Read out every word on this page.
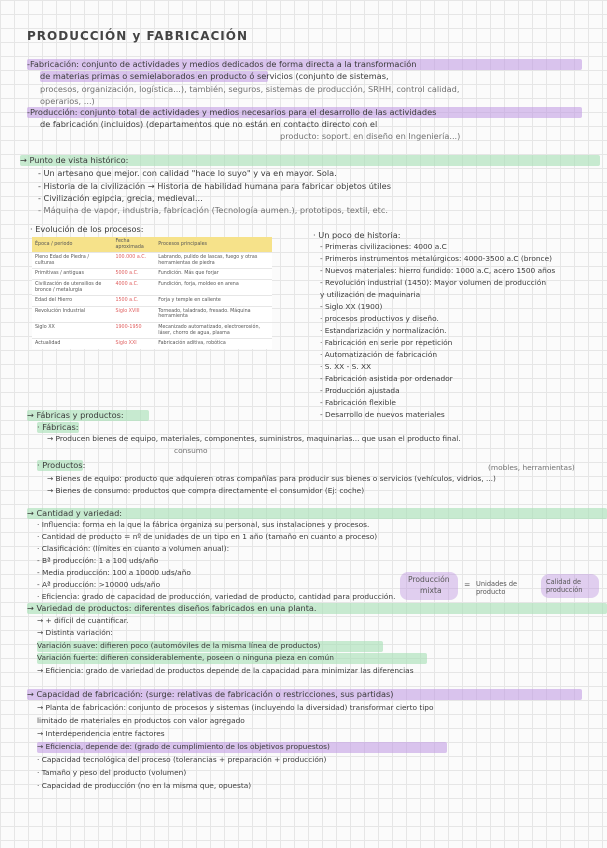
PRODUCCIÓN y FABRICACIÓN
-Fabricación: conjunto de actividades y medios dedicados de forma directa a la transformación
de materias primas o semielaborados en producto ó servicios (conjunto de sistemas,
procesos, organización, logística...), también, seguros, sistemas de producción, SRHH, control calidad,
operarios, ...)
-Producción: conjunto total de actividades y medios necesarios para el desarrollo de las actividades
de fabricación (incluidos) (departamentos que no están en contacto directo con el
producto: soport. en diseño en Ingeniería...)
→ Punto de vista histórico:
- Un artesano que mejor. con calidad "hace lo suyo" y va en mayor. Sola.
- Historia de la civilización → Historia de habilidad humana para fabricar objetos útiles
- Civilización egipcia, grecia, medieval...
- Máquina de vapor, industria, fabricación (Tecnología aumen.), prototipos, textil, etc.
· Evolución de los procesos:
Época / periodo	Fecha aproximada	Procesos principales
Pleno Edad de Piedra / culturas	100.000 a.C.	Labrando, pulido de lascas, fuego y otras herramientas de piedra
Primitivas / antiguas	5000 a.C.	Fundición. Más que forjar
Civilización de utensilios de bronce / metalurgia	4000 a.C.	Fundición, forja, moldeo en arena
Edad del Hierro	1500 a.C.	Forja y temple en caliente
Revolución Industrial	Siglo XVIII	Torneado, taladrado, fresado. Máquina herramienta
Siglo XX	1900-1950	Mecanizado automatizado, electroerosión, láser, chorro de agua, plasma
Actualidad	Siglo XXI	Fabricación aditiva, robótica
· Un poco de historia:
- Primeras civilizaciones: 4000 a.C
- Primeros instrumentos metalúrgicos: 4000-3500 a.C (bronce)
- Nuevos materiales: hierro fundido: 1000 a.C, acero 1500 años
- Revolución industrial (1450): Mayor volumen de producción
y utilización de maquinaria
- Siglo XX (1900)
· procesos productivos y diseño.
· Estandarización y normalización.
· Fabricación en serie por repetición
· Automatización de fabricación
· S. XX - S. XX
- Fabricación asistida por ordenador
- Producción ajustada
- Fabricación flexible
- Desarrollo de nuevos materiales
→ Fábricas y productos:
· Fábricas:
→ Producen bienes de equipo, materiales, componentes, suministros, maquinarias... que usan el producto final.
consumo
· Productos:	(mobles, herramientas)
→ Bienes de equipo: producto que adquieren otras compañías para producir sus bienes o servicios (vehículos, vidrios, ...)
→ Bienes de consumo: productos que compra directamente el consumidor (Ej: coche)
→ Cantidad y variedad:
· Influencia: forma en la que la fábrica organiza su personal, sus instalaciones y procesos.
· Cantidad de producto = nº de unidades de un tipo en 1 año (tamaño en cuanto a proceso)
· Clasificación: (límites en cuanto a volumen anual):
- Bª producción: 1 a 100 uds/año
- Media producción: 100 a 10000 uds/año
- Aª producción: >10000 uds/año
· Eficiencia: grado de capacidad de producción, variedad de producto, cantidad para producción.
Producción
mixta
= Unidades de producto
Calidad de producción
→ Variedad de productos: diferentes diseños fabricados en una planta.
→ + difícil de cuantificar.
→ Distinta variación:
Variación suave: difieren poco (automóviles de la misma línea de productos)
Variación fuerte: difieren considerablemente, poseen o ninguna pieza en común
→ Eficiencia: grado de variedad de productos depende de la capacidad para minimizar las diferencias
→ Capacidad de fabricación: (surge: relativas de fabricación o restricciones, sus partidas)
→ Planta de fabricación: conjunto de procesos y sistemas (incluyendo la diversidad) transformar cierto tipo
limitado de materiales en productos con valor agregado
→ Interdependencia entre factores
→ Eficiencia, depende de: (grado de cumplimiento de los objetivos propuestos)
· Capacidad tecnológica del proceso (tolerancias + preparación + producción)
· Tamaño y peso del producto (volumen)
· Capacidad de producción (no en la misma que, opuesta)
